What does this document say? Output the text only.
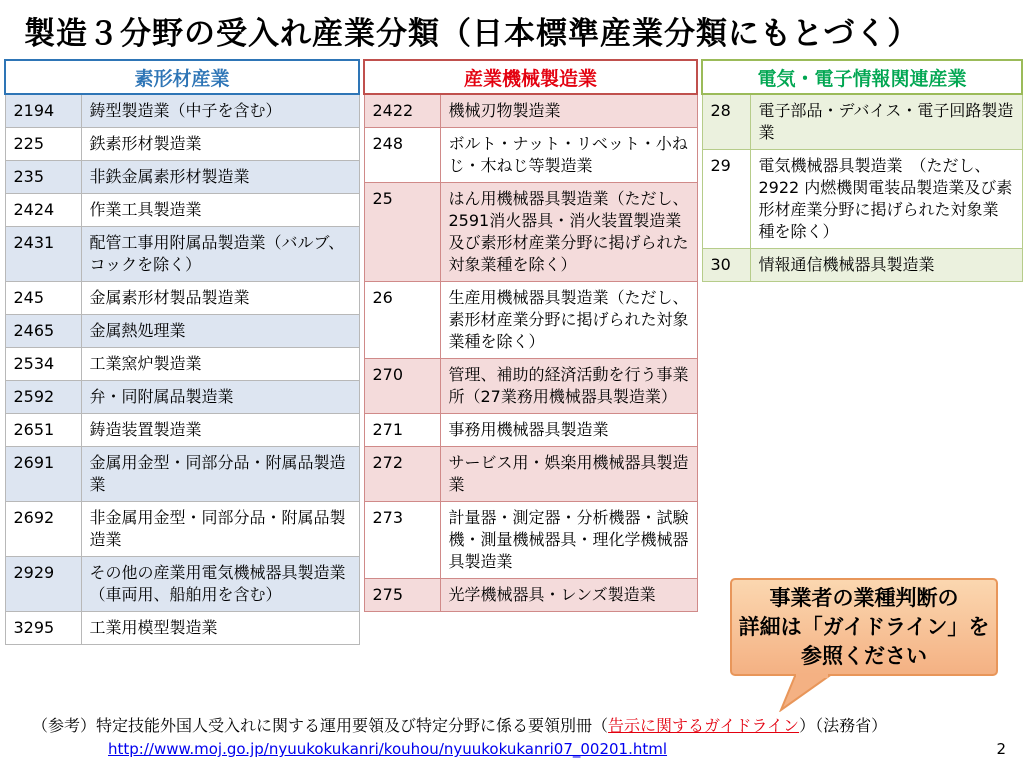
製造３分野の受入れ産業分類（日本標準産業分類にもとづく）
素形材産業	
2194	鋳型製造業（中子を含む）
225	鉄素形材製造業
235	非鉄金属素形材製造業
2424	作業工具製造業
2431	配管工事用附属品製造業（バルブ、コックを除く）
245	金属素形材製品製造業
2465	金属熱処理業
2534	工業窯炉製造業
2592	弁・同附属品製造業
2651	鋳造装置製造業
2691	金属用金型・同部分品・附属品製造業
2692	非金属用金型・同部分品・附属品製造業
2929	その他の産業用電気機械器具製造業（車両用、船舶用を含む）
3295	工業用模型製造業
産業機械製造業	
2422	機械刃物製造業
248	ボルト・ナット・リベット・小ねじ・木ねじ等製造業
25	はん用機械器具製造業（ただし、2591消火器具・消火装置製造業及び素形材産業分野に掲げられた対象業種を除く）
26	生産用機械器具製造業（ただし、素形材産業分野に掲げられた対象業種を除く）
270	管理、補助的経済活動を行う事業所（27業務用機械器具製造業）
271	事務用機械器具製造業
272	サービス用・娯楽用機械器具製造業
273	計量器・測定器・分析機器・試験機・測量機械器具・理化学機械器具製造業
275	光学機械器具・レンズ製造業
電気・電子情報関連産業	
28	電子部品・デバイス・電子回路製造業
29	電気機械器具製造業　（ただし、2922 内燃機関電装品製造業及び素形材産業分野に掲げられた対象業種を除く）
30	情報通信機械器具製造業
事業者の業種判断の
詳細は「ガイドライン」を
参照ください
（参考）特定技能外国人受入れに関する運用要領及び特定分野に係る要領別冊（告示に関するガイドライン）（法務省）
http://www.moj.go.jp/nyuukokukanri/kouhou/nyuukokukanri07_00201.html	2
